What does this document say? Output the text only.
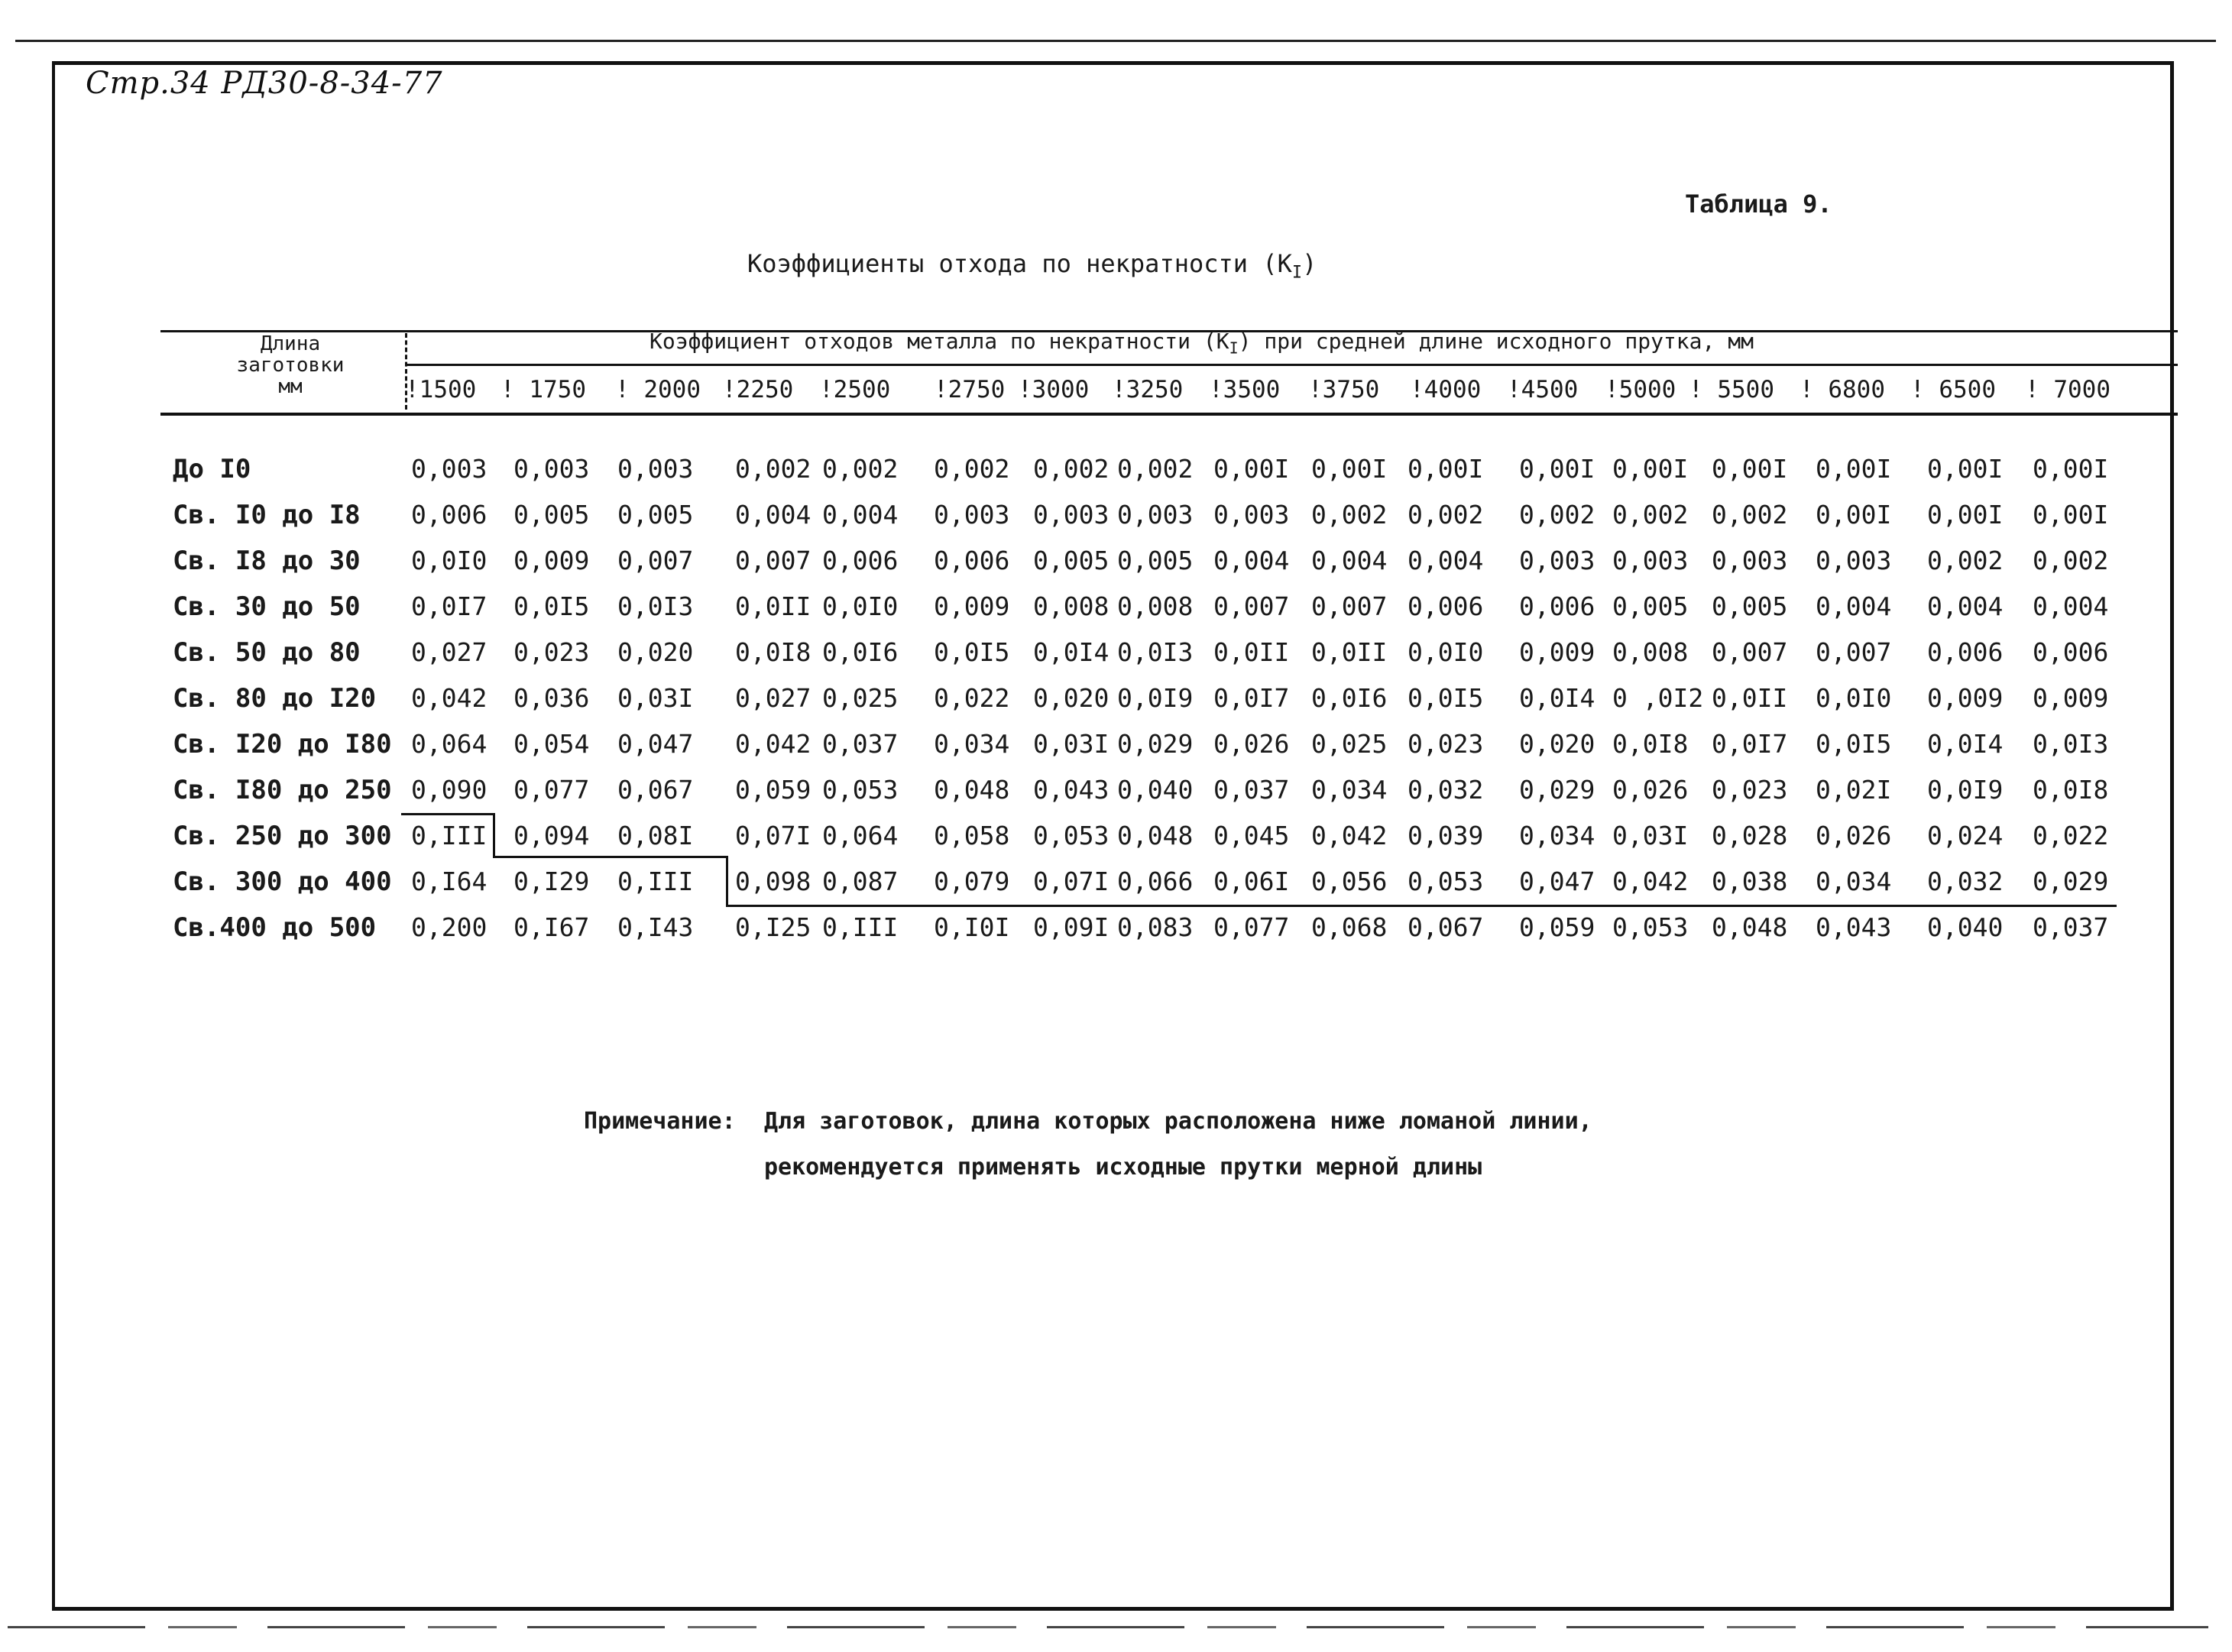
Стр.34 РД30-8-34-77
Таблица 9.
Коэффициенты отхода по некратности $(K_I)$
Длина
заготовки
мм
Коэффициент отходов металла по некратности $(K_I)$ при средней длине исходного прутка, мм
!1500 ! 1750 ! 2000 !2250 !2500 !2750 !3000 !3250 !3500 !3750 !4000 !4500 !5000 ! 5500 ! 6800 ! 6500 ! 7000
До I0	0,003 0,003 0,003 0,002 0,002 0,002 0,002 0,002 0,00I 0,00I 0,00I 0,00I 0,00I 0,00I 0,00I 0,00I 0,00I
Св. I0 до I8 0,006 0,005 0,005 0,004 0,004 0,003 0,003 0,003 0,003 0,002 0,002 0,002 0,002 0,002 0,00I 0,00I 0,00I
Св. I8 до 30 0,0I0 0,009 0,007 0,007 0,006 0,006 0,005 0,005 0,004 0,004 0,004 0,003 0,003 0,003 0,003 0,002 0,002
Св. 30 до 50 0,0I7 0,0I5 0,0I3 0,0II 0,0I0 0,009 0,008 0,008 0,007 0,007 0,006 0,006 0,005 0,005 0,004 0,004 0,004
Св. 50 до 80 0,027 0,023 0,020 0,0I8 0,0I6 0,0I5 0,0I4 0,0I3 0,0II 0,0II 0,0I0 0,009 0,008 0,007 0,007 0,006 0,006
Св. 80 до I20 0,042 0,036 0,03I 0,027 0,025 0,022 0,020 0,0I9 0,0I7 0,0I6 0,0I5 0,0I4 0 ,0I2 0,0II 0,0I0 0,009 0,009
Св. I20 до I80 0,064 0,054 0,047 0,042 0,037 0,034 0,03I 0,029 0,026 0,025 0,023 0,020 0,0I8 0,0I7 0,0I5 0,0I4 0,0I3
Св. I80 до 250 0,090 0,077 0,067 0,059 0,053 0,048 0,043 0,040 0,037 0,034 0,032 0,029 0,026 0,023 0,02I 0,0I9 0,0I8
Св. 250 до 300 0,III 0,094 0,08I 0,07I 0,064 0,058 0,053 0,048 0,045 0,042 0,039 0,034 0,03I 0,028 0,026 0,024 0,022
Св. 300 до 400 0,I64 0,I29 0,III 0,098 0,087 0,079 0,07I 0,066 0,06I 0,056 0,053 0,047 0,042 0,038 0,034 0,032 0,029
Св.400 до 500 0,200 0,I67 0,I43 0,I25 0,III 0,I0I 0,09I 0,083 0,077 0,068 0,067 0,059 0,053 0,048 0,043 0,040 0,037
Примечание: Для заготовок, длина которых расположена ниже ломаной линии,
рекомендуется применять исходные прутки мерной длины
